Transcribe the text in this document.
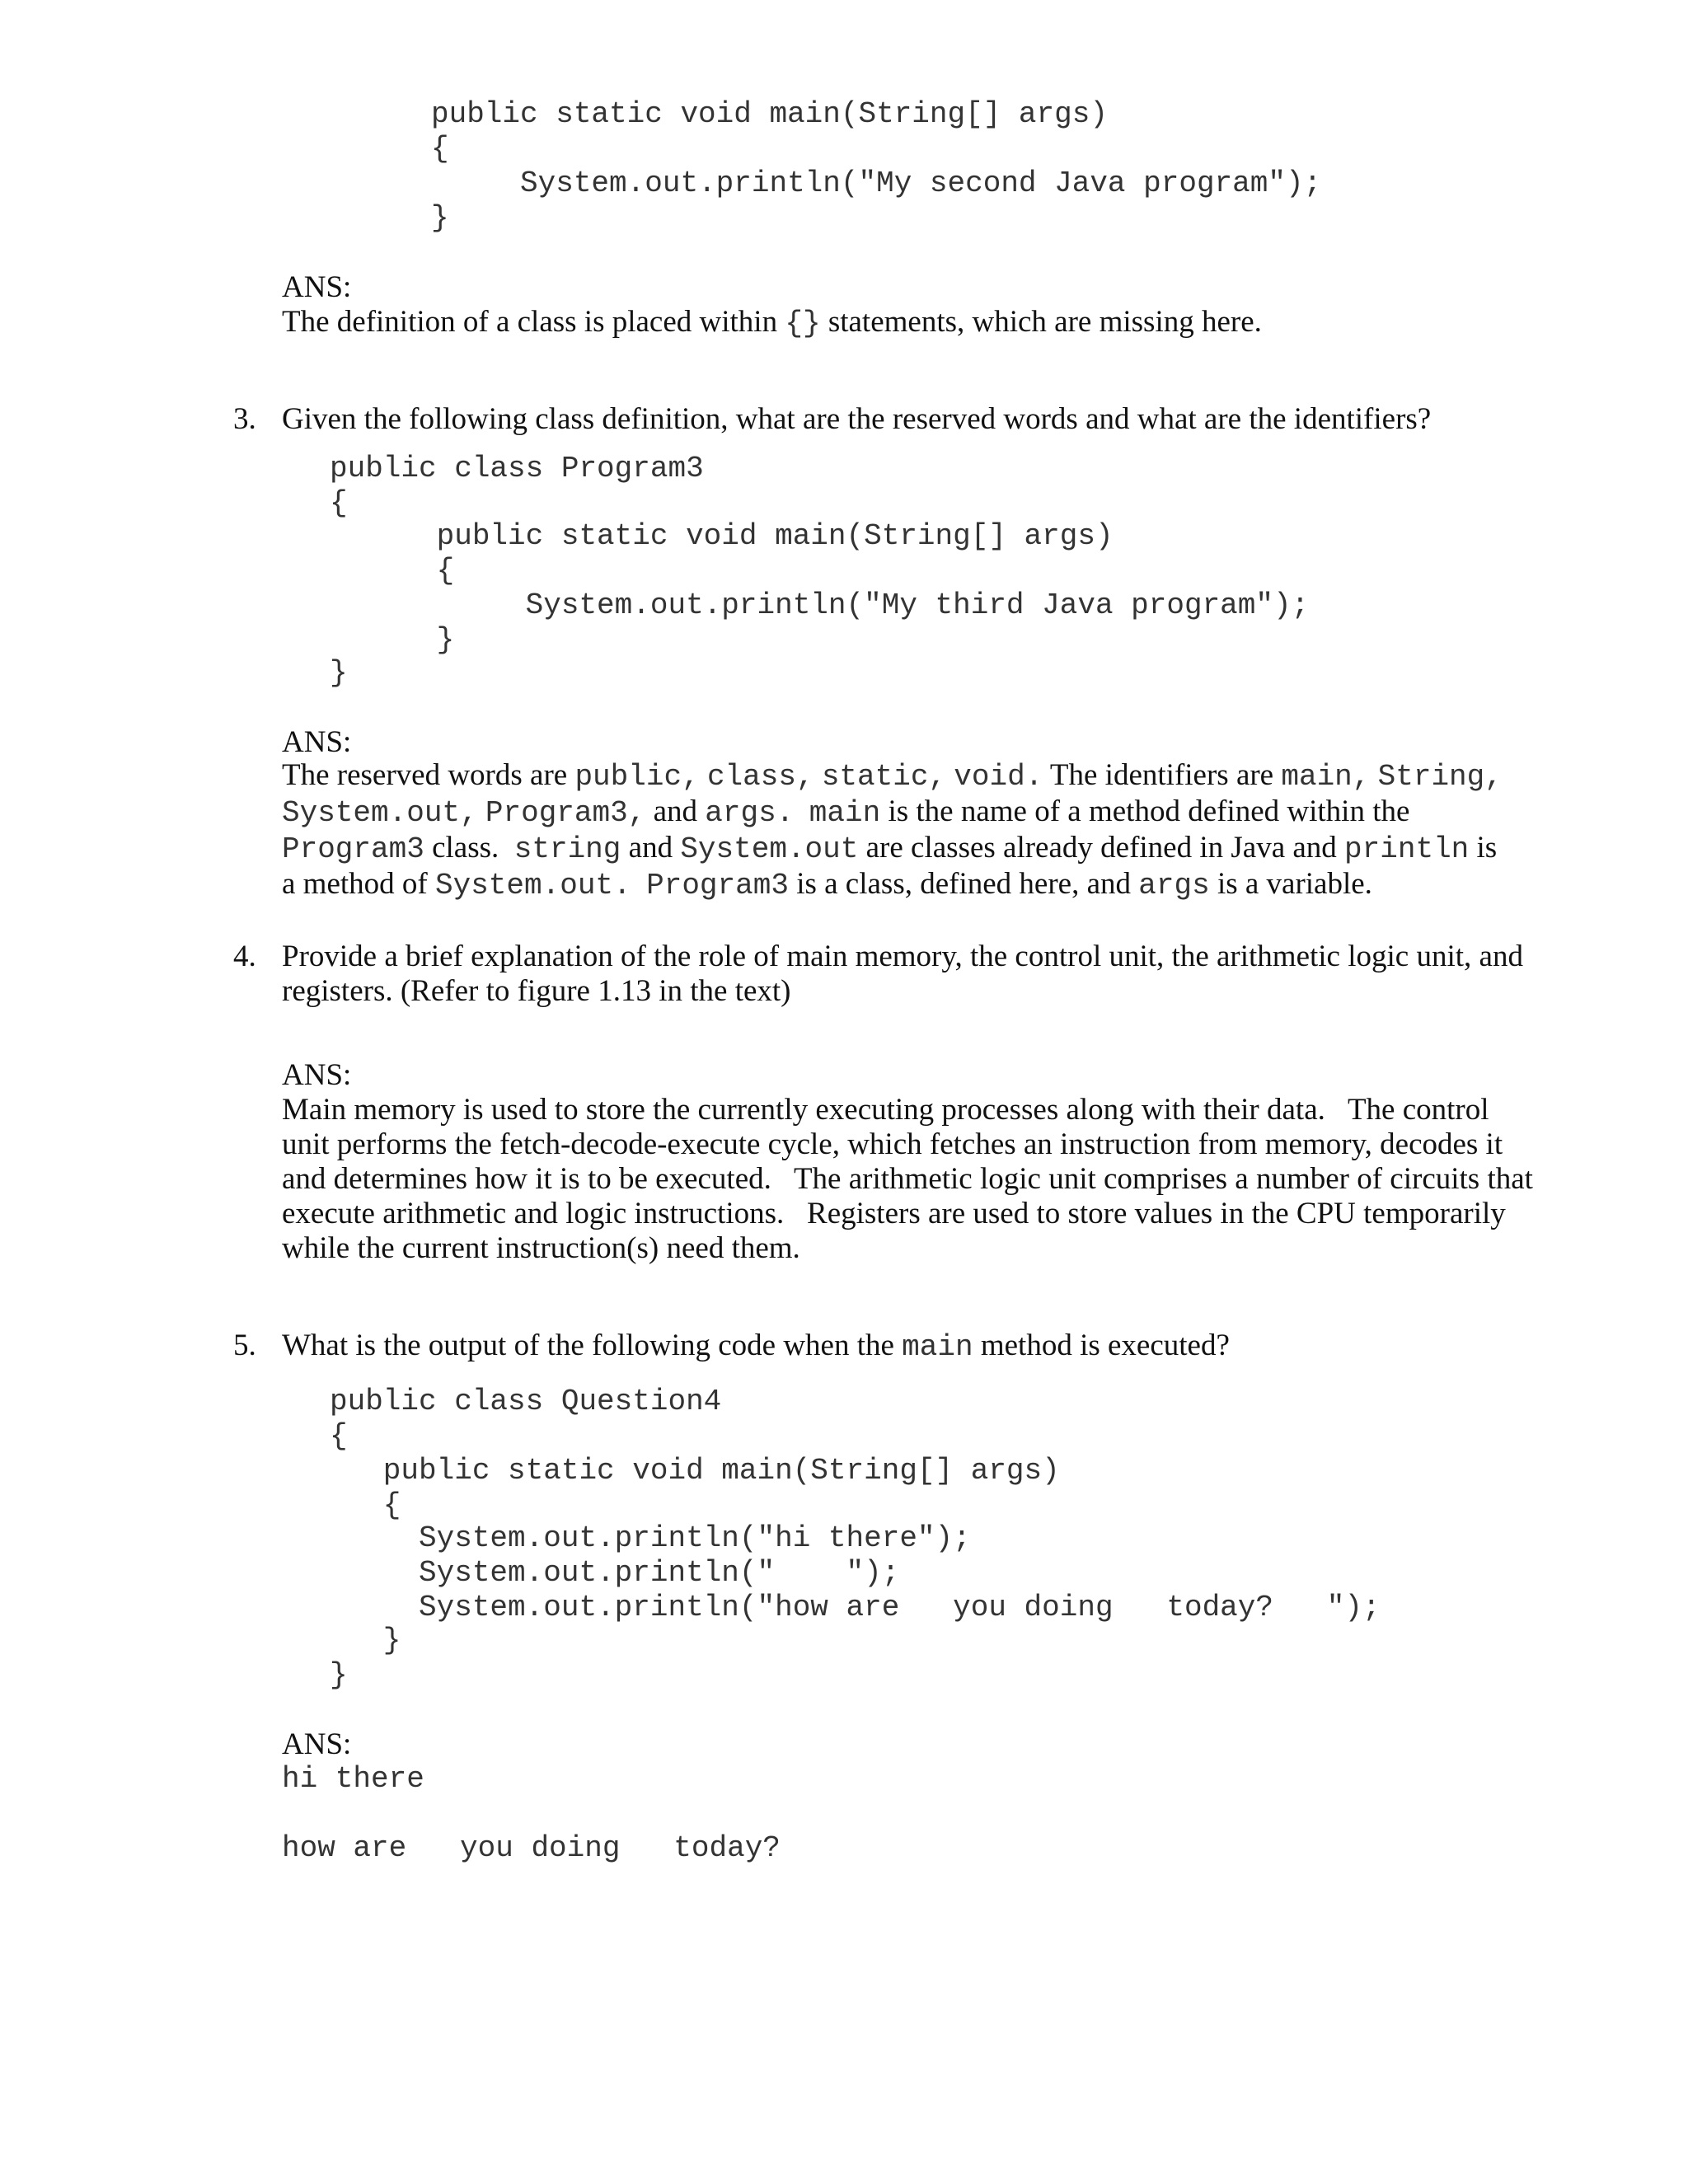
public static void main(String[] args)
{
System.out.println("My second Java program");
}
ANS:
The definition of a class is placed within {} statements, which are missing here.
3. Given the following class definition, what are the reserved words and what are the identifiers?
public class Program3
{
public static void main(String[] args)
{
System.out.println("My third Java program");
}
}
ANS:
The reserved words are public, class, static, void. The identifiers are main, String,
System.out, Program3, and args. main is the name of a method defined within the
Program3 class.  string and System.out are classes already defined in Java and println is
a method of System.out. Program3 is a class, defined here, and args is a variable.
4. Provide a brief explanation of the role of main memory, the control unit, the arithmetic logic unit, and
registers. (Refer to figure 1.13 in the text)
ANS:
Main memory is used to store the currently executing processes along with their data.   The control
unit performs the fetch-decode-execute cycle, which fetches an instruction from memory, decodes it
and determines how it is to be executed.   The arithmetic logic unit comprises a number of circuits that
execute arithmetic and logic instructions.   Registers are used to store values in the CPU temporarily
while the current instruction(s) need them.
5. What is the output of the following code when the main method is executed?
public class Question4
{
public static void main(String[] args)
{
System.out.println("hi there");
System.out.println("    ");
System.out.println("how are   you doing   today?   ");
}
}
ANS:
hi there
how are   you doing   today?
